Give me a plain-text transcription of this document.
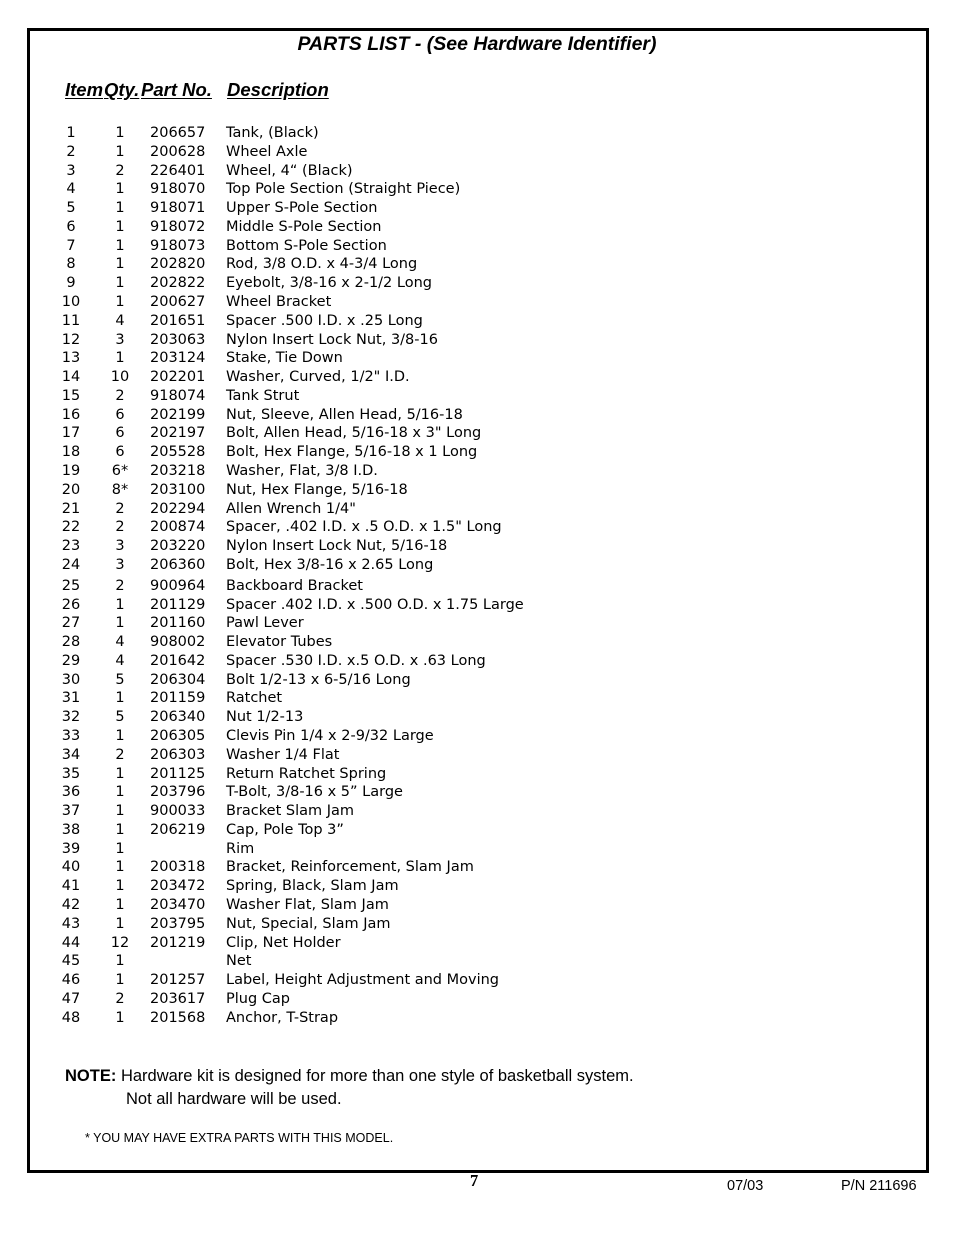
PARTS LIST - (See Hardware Identifier)
Item Qty. Part No. Description
1	1	206657 Tank, (Black)
2	1	200628 Wheel Axle
3	2	226401 Wheel, 4“ (Black)
4	1	918070 Top Pole Section (Straight Piece)
5	1	918071 Upper S-Pole Section
6	1	918072 Middle S-Pole Section
7	1	918073 Bottom S-Pole Section
8	1	202820 Rod, 3/8 O.D. x 4-3/4 Long
9	1	202822 Eyebolt, 3/8-16 x 2-1/2 Long
10	1	200627 Wheel Bracket
11	4	201651 Spacer .500 I.D. x .25 Long
12	3	203063 Nylon Insert Lock Nut, 3/8-16
13	1	203124 Stake, Tie Down
14	10	202201 Washer, Curved, 1/2" I.D.
15	2	918074 Tank Strut
16	6	202199 Nut, Sleeve, Allen Head, 5/16-18
17	6	202197 Bolt, Allen Head, 5/16-18 x 3" Long
18	6	205528 Bolt, Hex Flange, 5/16-18 x 1 Long
19	6*	203218 Washer, Flat, 3/8 I.D.
20	8*	203100 Nut, Hex Flange, 5/16-18
21	2	202294 Allen Wrench 1/4"
22	2	200874 Spacer, .402 I.D. x .5 O.D. x 1.5" Long
23	3	203220 Nylon Insert Lock Nut, 5/16-18
24	3	206360 Bolt, Hex 3/8-16 x 2.65 Long
25	2	900964 Backboard Bracket
26	1	201129 Spacer .402 I.D. x .500 O.D. x 1.75 Large
27	1	201160 Pawl Lever
28	4	908002 Elevator Tubes
29	4	201642 Spacer .530 I.D. x.5 O.D. x .63 Long
30	5	206304 Bolt 1/2-13 x 6-5/16 Long
31	1	201159 Ratchet
32	5	206340 Nut 1/2-13
33	1	206305 Clevis Pin 1/4 x 2-9/32 Large
34	2	206303 Washer 1/4 Flat
35	1	201125 Return Ratchet Spring
36	1	203796 T-Bolt, 3/8-16 x 5” Large
37	1	900033 Bracket Slam Jam
38	1	206219 Cap, Pole Top 3”
39	1	Rim
40	1	200318 Bracket, Reinforcement, Slam Jam
41	1	203472 Spring, Black, Slam Jam
42	1	203470 Washer Flat, Slam Jam
43	1	203795 Nut, Special, Slam Jam
44	12	201219 Clip, Net Holder
45	1	Net
46	1	201257 Label, Height Adjustment and Moving
47	2	203617 Plug Cap
48	1	201568 Anchor, T-Strap
NOTE: Hardware kit is designed for more than one style of basketball system.
Not all hardware will be used.
* YOU MAY HAVE EXTRA PARTS WITH THIS MODEL.
7	07/03	P/N 211696
